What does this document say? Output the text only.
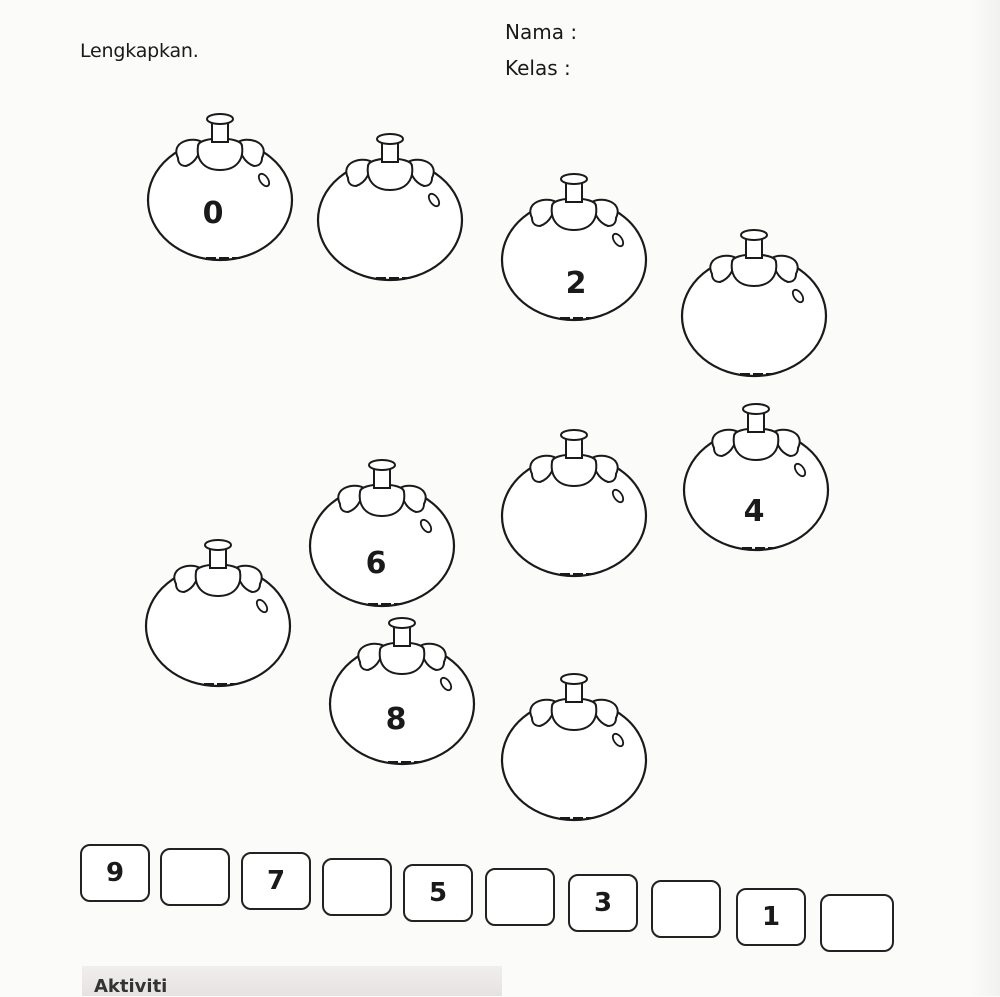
Lengkapkan.
Nama :
Kelas :
0
2
4
6
8
9	7	5	3	1
Aktiviti
